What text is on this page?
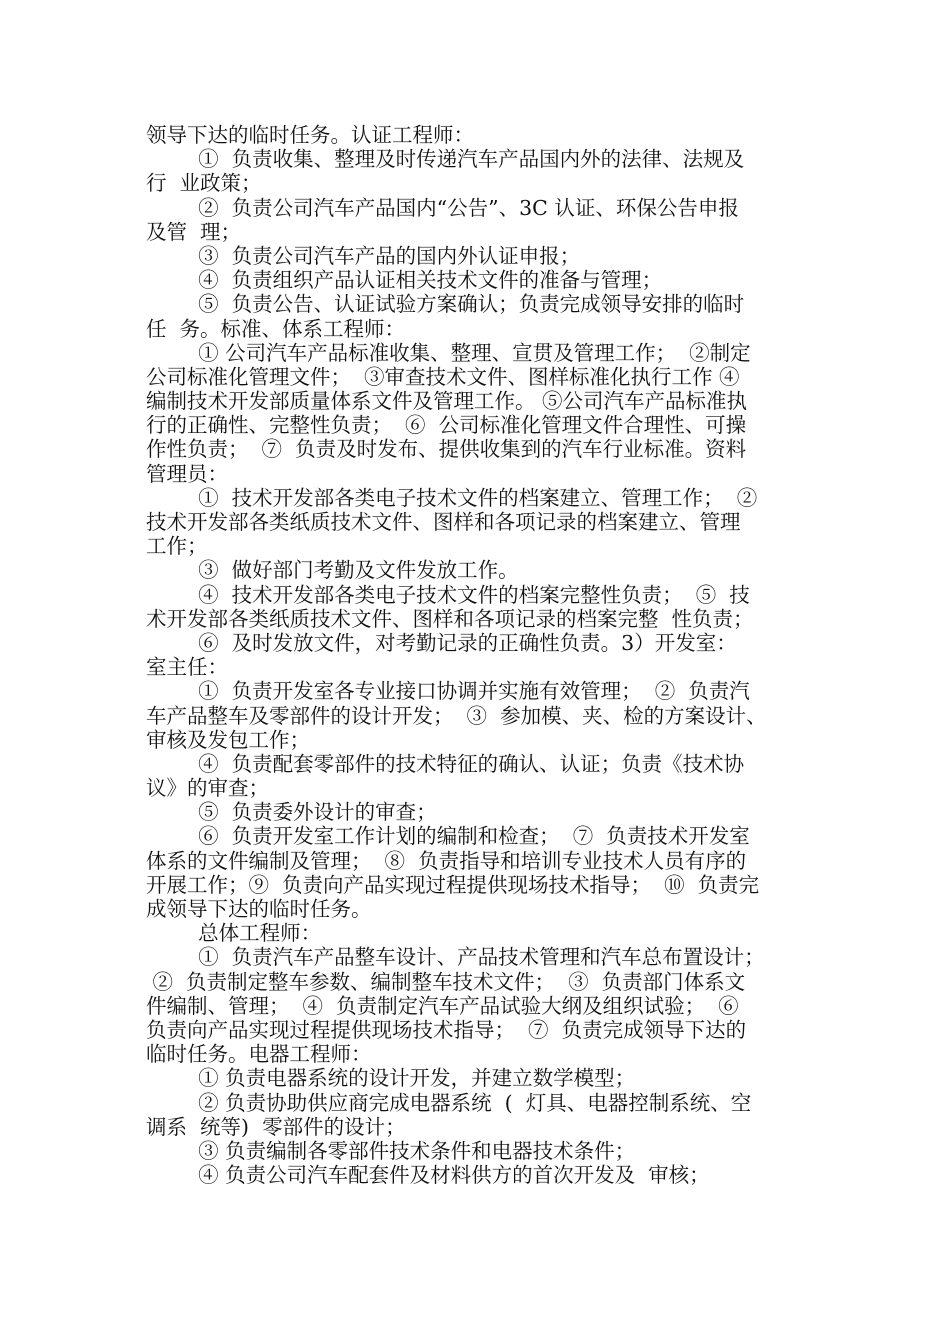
领导下达的临时任务。认证工程师：
①  负责收集、整理及时传递汽车产品国内外的法律、法规及
行  业政策；
②  负责公司汽车产品国内“公告”、3C 认证、环保公告申报
及管  理；
③  负责公司汽车产品的国内外认证申报；
④  负责组织产品认证相关技术文件的准备与管理；
⑤  负责公告、认证试验方案确认；负责完成领导安排的临时
任  务。标准、体系工程师：
① 公司汽车产品标准收集、整理、宣贯及管理工作；  ②制定
公司标准化管理文件；  ③审查技术文件、图样标准化执行工作 ④
编制技术开发部质量体系文件及管理工作。 ⑤公司汽车产品标准执
行的正确性、完整性负责；  ⑥  公司标准化管理文件合理性、可操
作性负责；  ⑦  负责及时发布、提供收集到的汽车行业标准。资料
管理员：
①  技术开发部各类电子技术文件的档案建立、管理工作；  ②
技术开发部各类纸质技术文件、图样和各项记录的档案建立、管理
工作；
③  做好部门考勤及文件发放工作。
④  技术开发部各类电子技术文件的档案完整性负责；  ⑤  技
术开发部各类纸质技术文件、图样和各项记录的档案完整  性负责；
⑥  及时发放文件，对考勤记录的正确性负责。3）开发室：
室主任：
①  负责开发室各专业接口协调并实施有效管理；  ②  负责汽
车产品整车及零部件的设计开发；  ③  参加模、夹、检的方案设计、
审核及发包工作；
④  负责配套零部件的技术特征的确认、认证；负责《技术协
议》的审查；
⑤  负责委外设计的审查；
⑥  负责开发室工作计划的编制和检查；  ⑦  负责技术开发室
体系的文件编制及管理；  ⑧  负责指导和培训专业技术人员有序的
开展工作；⑨  负责向产品实现过程提供现场技术指导；  ⑩  负责完
成领导下达的临时任务。
总体工程师：
①  负责汽车产品整车设计、产品技术管理和汽车总布置设计；
②  负责制定整车参数、编制整车技术文件；  ③  负责部门体系文
件编制、管理；  ④  负责制定汽车产品试验大纲及组织试验；  ⑥
负责向产品实现过程提供现场技术指导；  ⑦  负责完成领导下达的
临时任务。电器工程师：
① 负责电器系统的设计开发，并建立数学模型；
② 负责协助供应商完成电器系统  (  灯具、电器控制系统、空
调系  统等)  零部件的设计；
③ 负责编制各零部件技术条件和电器技术条件；
④ 负责公司汽车配套件及材料供方的首次开发及  审核；
